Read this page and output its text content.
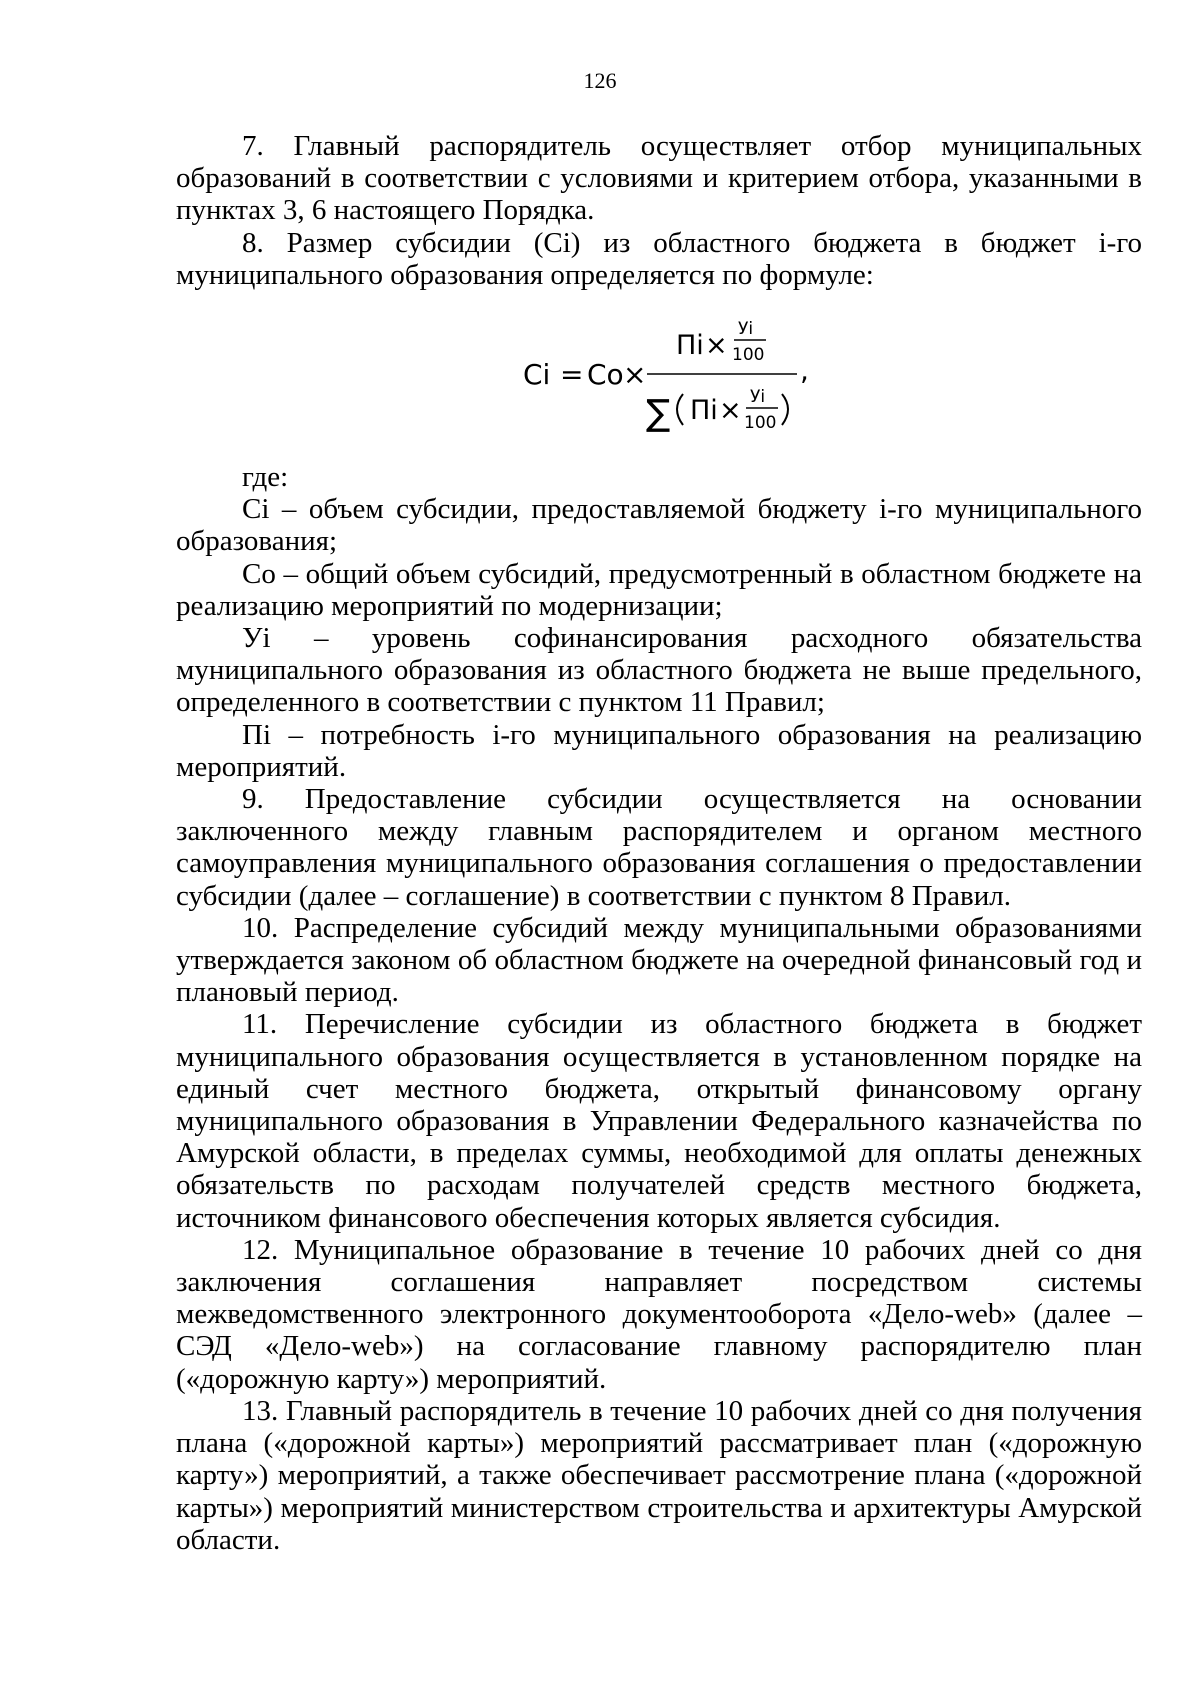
126

7. Главный распорядитель осуществляет отбор муниципальных образований в соответствии с условиями и критерием отбора, указанными в пунктах 3, 6 настоящего Порядка.

8. Размер субсидии (Сi) из областного бюджета в бюджет i-го муниципального образования определяется по формуле:

Ci = Co ×
Пi ×
Уi
100
∑ Пi × Уi
100
,

где:

Сi – объем субсидии, предоставляемой бюджету i-го муниципального образования;

Со – общий объем субсидий, предусмотренный в областном бюджете на реализацию мероприятий по модернизации;

Уi – уровень софинансирования расходного обязательства муниципального образования из областного бюджета не выше предельного, определенного в соответствии с пунктом 11 Правил;

Пi – потребность i-го муниципального образования на реализацию мероприятий.

9. Предоставление субсидии осуществляется на основании заключенного между главным распорядителем и органом местного самоуправления муниципального образования соглашения о предоставлении субсидии (далее – соглашение) в соответствии с пунктом 8 Правил.

10. Распределение субсидий между муниципальными образованиями утверждается законом об областном бюджете на очередной финансовый год и плановый период.

11. Перечисление субсидии из областного бюджета в бюджет муниципального образования осуществляется в установленном порядке на единый счет местного бюджета, открытый финансовому органу муниципального образования в Управлении Федерального казначейства по Амурской области, в пределах суммы, необходимой для оплаты денежных обязательств по расходам получателей средств местного бюджета, источником финансового обеспечения которых является субсидия.

12. Муниципальное образование в течение 10 рабочих дней со дня заключения соглашения направляет посредством системы межведомственного электронного документооборота «Дело-web» (далее – СЭД «Дело-web») на согласование главному распорядителю план («дорожную карту») мероприятий.

13. Главный распорядитель в течение 10 рабочих дней со дня получения плана («дорожной карты») мероприятий рассматривает план («дорожную карту») мероприятий, а также обеспечивает рассмотрение плана («дорожной карты») мероприятий министерством строительства и архитектуры Амурской области.
